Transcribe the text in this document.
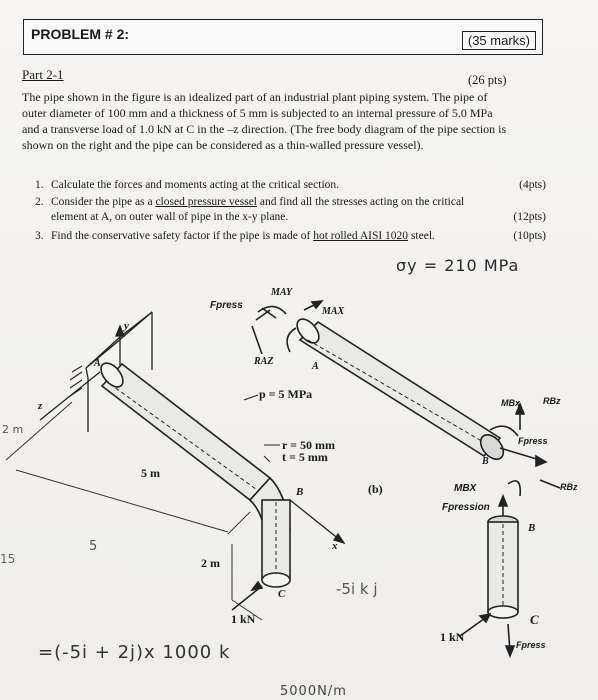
PROBLEM # 2:	(35 marks)
Part 2-1	(26 pts)
The pipe shown in the figure is an idealized part of an industrial plant piping system. The pipe of
outer diameter of 100 mm and a thickness of 5 mm is subjected to an internal pressure of 5.0 MPa
and a transverse load of 1.0 kN at C in the –z direction. (The free body diagram of the pipe section is
shown on the right and the pipe can be considered as a thin-walled pressure vessel).
1. Calculate the forces and moments acting at the critical section.	(4pts)
2. Consider the pipe as a closed pressure vessel and find all the stresses acting on the critical
element at A, on outer wall of pipe in the x-y plane.	(12pts)
3. Find the conservative safety factor if the pipe is made of hot rolled AISI 1020 steel.	(10pts)
σy = 210 MPa
2 m
5
15
-5i k j
=(-5i + 2j)x 1000 k
5000N/m
5 m
2 m
p = 5 MPa
r = 50 mm
t = 5 mm
1 kN
A
B
C
y
z
x
(b)
Fpress
MAY
MAX
RAZ	A
MBx	RBz
Fpress
B
MBX
Fpression
RBz
B
1 kN
C
Fpress
